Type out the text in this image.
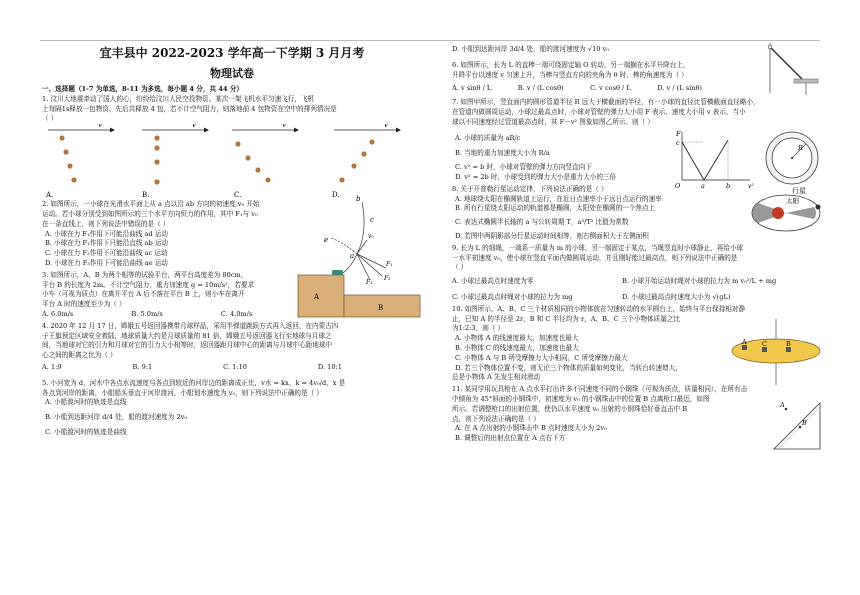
宜丰县中 2022-2023 学年高一下学期 3 月月考
物理试卷
一、选择题（1-7 为单选，8-11 为多选，每小题 4 分，共 44 分）
1. 汶川大地震牵动了国人的心，纷纷给汶川人民空投物资。某次一架飞机水平匀速飞行，飞机
上每隔1s释放一包物资，先后共释放 4 包，若不计空气阻力，则落地前 4 包物资在空中的排列情况是
（ ）
v	v	v	v
A.	B.	C.	D.
2. 如图所示，一小球在光滑水平面上从 a 点以沿 ab 方向的初速度 v₀ 开始
运动。若小球分别受到如图所示的三个水平方向恒力的作用，其中 F₁与 v₀
在一条直线上，则下列说法中错误的是（ ）
A. 小球在力 F₁作用下可能沿曲线 ad 运动
B. 小球在力 F₁作用下只能沿直线 ab 运动
C. 小球在力 F₂作用下可能沿曲线 ac 运动
D. 小球在力 F₃作用下可能沿曲线 ae 运动
b
c
e
a
v₀
F₁
F₂
F₃
3. 如图所示，A、B 为两个相等的试验平台，两平台高度差为 80cm，
平台 B 的长度为 2m。不计空气阻力，重力加速度 g = 10m/s²，若要求
小车（可视为质点）在离开平台 A 后不落在平台 B 上，则小车在离开
平台 A 时的速度至少为（ ）
A. 6.0m/s	B. 5.0m/s	C. 4.0m/s
A
B
4. 2020 年 12 月 17 日，嫦娥五号返回器携带月球样品，采用半弹道跳跃方式再入返回，在内蒙古四
子王旗预定区域安全着陆，地球质量大约是月球质量的 81 倍，嫦娥五号返回器飞行至地球与月球之
间，当地球对它的引力和月球对它的引力大小相等时，返回器距月球中心的距离与月球中心距地球中
心之间的距离之比为（ ）
A. 1:9	B. 9:1	C. 1:10	D. 10:1
5. 小河宽为 d，河水中各点水流速度与各点到较近的河岸边的距离成正比，v水 = kx，k = 4v₀/d，x 是
各点到河岸的距离，小船船头垂直于河岸渡河，小船划水速度为 v₀，则下列说法中正确的是（ ）
A. 小船渡河时的轨迹是直线
B. 小船到达距河岸 d/4 处，船的渡河速度为 2v₀
C. 小船渡河时的轨迹是曲线
D. 小船到达距河岸 3d/4 处，船的渡河速度为 √10 v₀
6. 如图所示，长为 L 的直棒一端可绕固定轴 O 转动，另一端搁在水平升降台上，
升降平台以速度 v 匀速上升，当棒与竖直方向的夹角为 θ 时，棒的角速度为（ ）
A. v sinθ / L	B. v / (L cosθ)	C. v cosθ / L	D. v / (L sinθ)
7. 如图甲所示，竖直面内的圆形管道半径 R 远大于横截面的半径，有一小球的直径比管横截面直径略小，
在管道内做圆周运动，小球过最高点时，小球对管壁的弹力大小用 F 表示、速度大小用 v 表示，当小
球以不同速度经过管道最高点时，其 F－v² 图象如图乙所示。则（ ）
A. 小球的质量为 aR/c
B. 当地的重力加速度大小为 R/a
C. v² = b 时，小球对管壁的弹力方向竖直向下
D. v² = 2b 时，小球受到的弹力大小是重力大小的三倍
F
c
O	a	b	v²
R
8. 关于开普勒行星运动定律，下列说法正确的是（ ）
A. 地球绕太阳在椭圆轨道上运行，在近日点速率小于远日点运行的速率
B. 所有行星绕太阳运动的轨道都是椭圆，太阳处在椭圆的一个焦点上
C. 表达式椭圆半长轴的 a 与公转周期 T，a³/T² 比值为常数
D. 若图中两阴影部分行星运动时间相等，则右侧面积大于左侧面积
行星
太阳
9. 长为 L 的细绳，一端系一质量为 m 的小球，另一端固定于某点，当绳竖直时小球静止，再给小球
一水平初速度 v₀，使小球在竖直平面内做圆周运动，并且刚好能过最高点，则下列说法中正确的是
（ ）
A. 小球过最高点时速度为零	B. 小球开始运动时绳对小球的拉力为 m v₀²/L + mg
C. 小球过最高点时绳对小球的拉力为 mg	D. 小球过最高点时速度大小为 √(gL)
10. 如图所示，A、B、C 三个材质相同的小物体放在匀速转动的水平圆台上，始终与平台保持相对静
止，已知 A 的半径是 2r，B 和 C 半径均为 r，A、B、C 三个小物体质量之比
为1:2:3，则（ ）
A. 小物体 A 的线速度最大，加速度也最大
B. 小物体 C 的线速度最大，加速度也最大
C. 小物体 A 与 B 所受摩擦力大小相同，C 所受摩擦力最大
D. 若三个物体位置不变，则无论三个物体的质量如何变化，当转台转速增大，
总是小物体 A 先发生相对滑动
A C	B
11. 某同学用玩具枪在 A 点水平打出许多不同速度不同的小钢珠（可视为质点，质量相同），在所有击
中倾角为 45°斜面的小钢珠中，初速度为 v₀ 的小钢珠击中的位置 B 点离枪口最近，如图
所示。若调整枪口的出射位置，使仍以水平速度 v₀ 出射的小钢珠恰好垂直击中 B
点，则下列说法正确的是（ ）
A. 在 A 点出射的小钢珠击中 B 点时速度大小为 2v₀
B. 调整后的出射点位置在 A 点右下方
A
B
